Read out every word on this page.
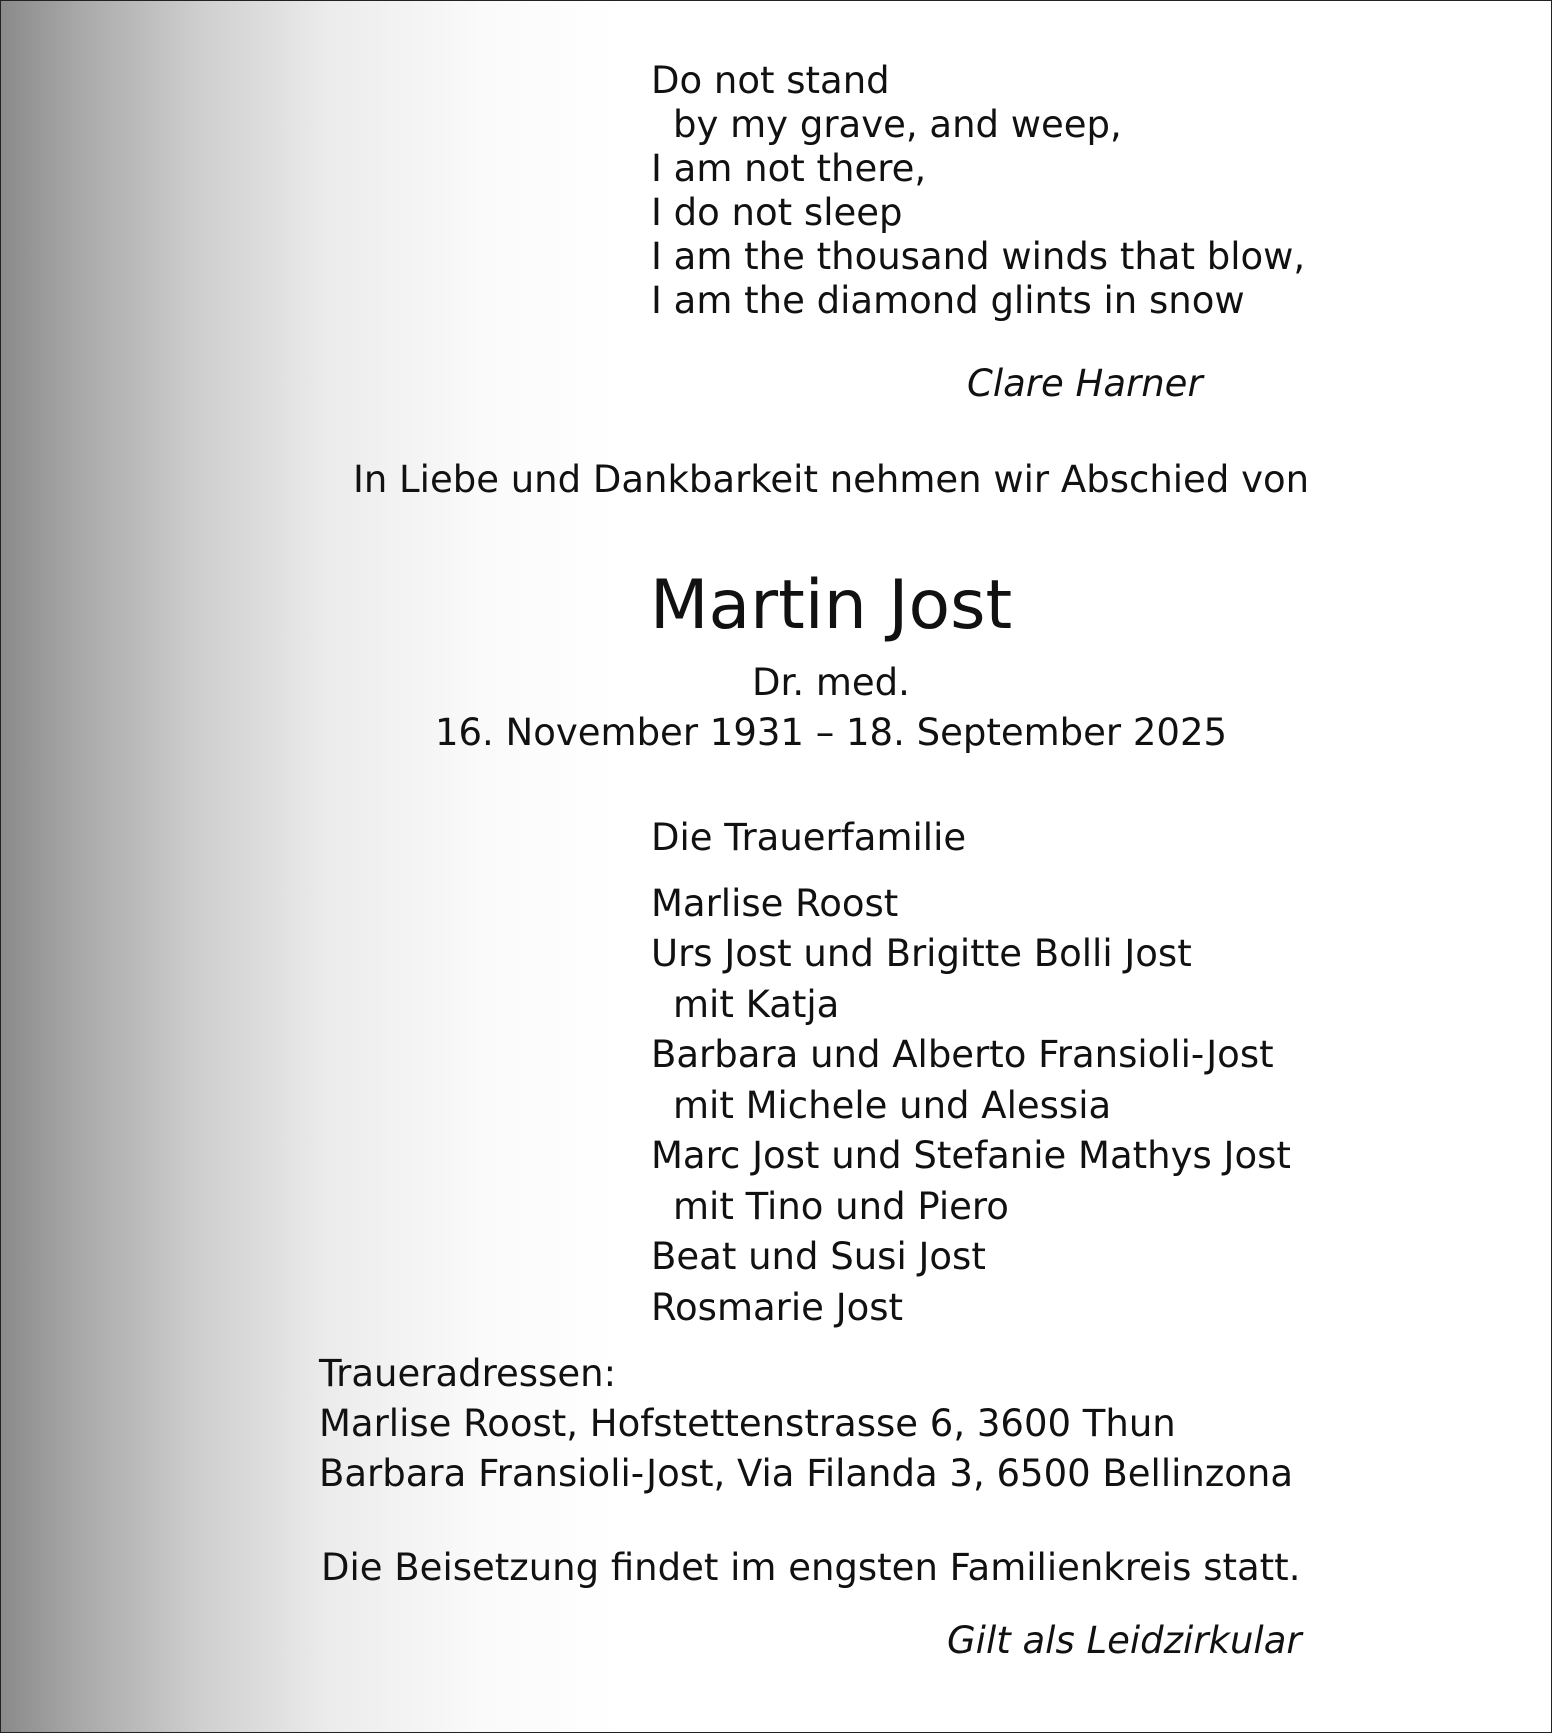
Do not stand
by my grave, and weep,
I am not there,
I do not sleep
I am the thousand winds that blow,
I am the diamond glints in snow
Clare Harner
In Liebe und Dankbarkeit nehmen wir Abschied von
Martin Jost
Dr. med.
16. November 1931 – 18. September 2025
Die Trauerfamilie
Marlise Roost
Urs Jost und Brigitte Bolli Jost
mit Katja
Barbara und Alberto Fransioli-Jost
mit Michele und Alessia
Marc Jost und Stefanie Mathys Jost
mit Tino und Piero
Beat und Susi Jost
Rosmarie Jost
Traueradressen:
Marlise Roost, Hofstettenstrasse 6, 3600 Thun
Barbara Fransioli-Jost, Via Filanda 3, 6500 Bellinzona
Die Beisetzung findet im engsten Familienkreis statt.
Gilt als Leidzirkular
